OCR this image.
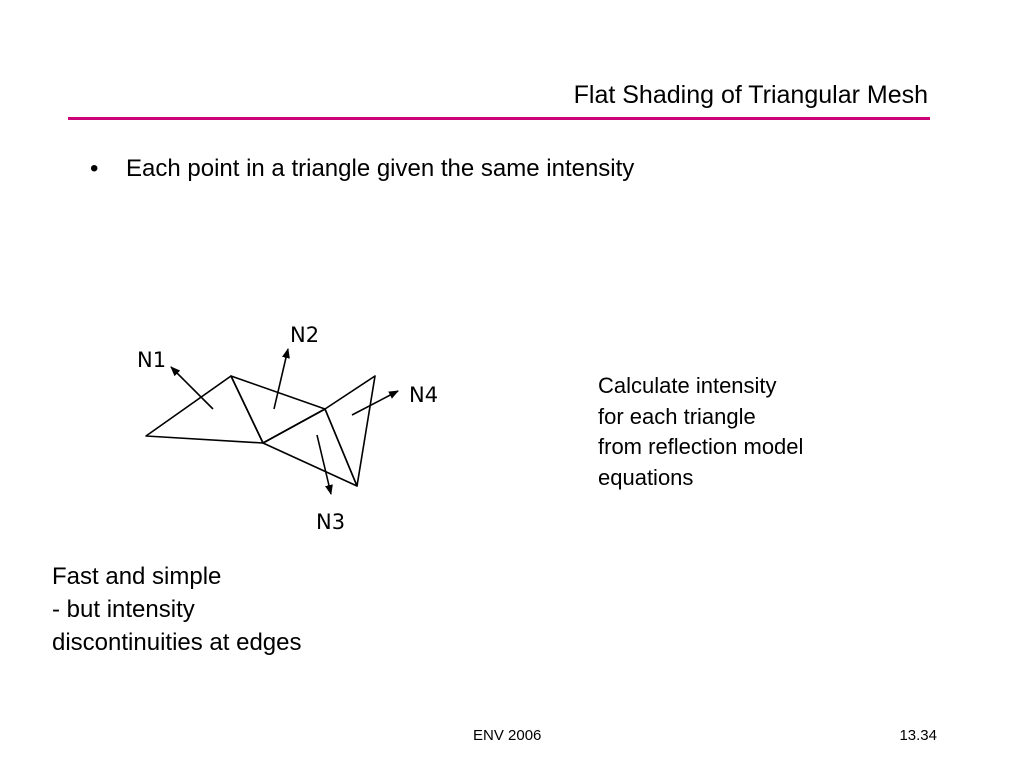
Flat Shading of Triangular Mesh
• Each point in a triangle given the same intensity
N1
N2
N3
N4	Calculate intensity
for each triangle
from reflection model
equations
Fast and simple
- but intensity
discontinuities at edges
ENV 2006	13.34
